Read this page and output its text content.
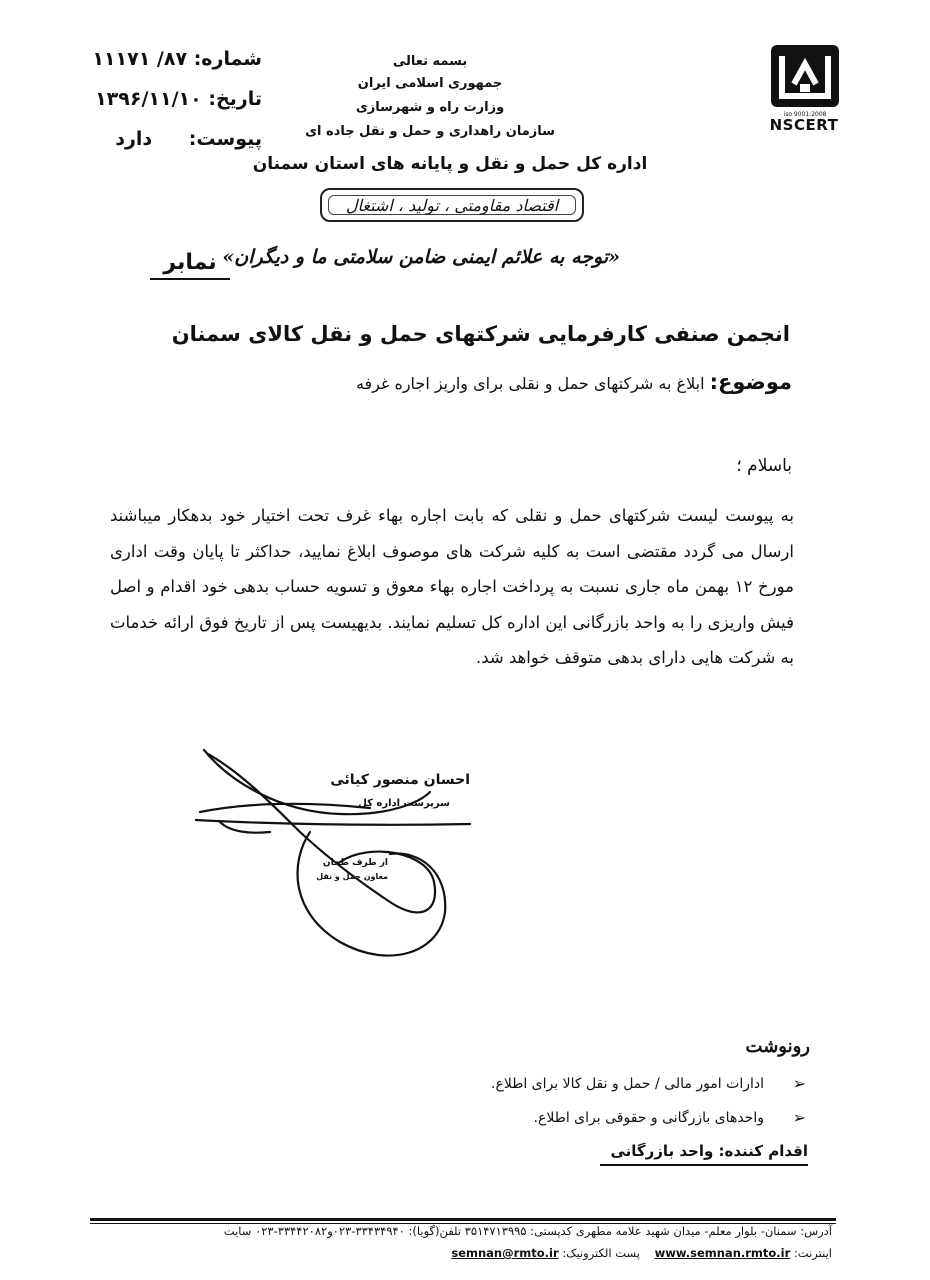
شماره: ۸۷/ ۱۱۱۷۱
تاریخ: ۱۳۹۶/۱۱/۱۰
پیوست: دارد
بسمه تعالی
جمهوری اسلامی ایران
وزارت راه و شهرسازی
سازمان راهداری و حمل و نقل جاده ای
اداره کل حمل و نقل و پایانه های استان سمنان
اقتصاد مقاومتی ، تولید ، اشتغال
«توجه به علائم ایمنی ضامن سلامتی ما و دیگران»
نمابر
iso 9001:2008
NSCERT
انجمن صنفی کارفرمایی شرکتهای حمل و نقل کالای سمنان
موضوع: ابلاغ به شرکتهای حمل و نقلی برای واریز اجاره غرفه
باسلام ؛
به پیوست لیست شرکتهای حمل و نقلی که بابت اجاره بهاء غرف تحت اختیار خود بدهکار میباشند ارسال می گردد مقتضی است به کلیه شرکت های موصوف ابلاغ نمایید، حداکثر تا پایان وقت اداری مورخ ۱۲ بهمن ماه جاری نسبت به پرداخت اجاره بهاء معوق و تسویه حساب بدهی خود اقدام و اصل فیش واریزی را به واحد بازرگانی این اداره کل تسلیم نمایند. بدیهیست پس از تاریخ فوق ارائه خدمات به شرکت هایی دارای بدهی متوقف خواهد شد.
احسان منصور کیائی
سرپرست اداره کل
از طرف طحان
معاون حمل و نقل
رونوشت
➢
ادارات امور مالی / حمل و نقل کالا برای اطلاع.
➢
واحدهای بازرگانی و حقوقی برای اطلاع.
اقدام کننده: واحد بازرگانی
آدرس: سمنان- بلوار معلم- میدان شهید علامه مطهری کدپستی: ۳۵۱۴۷۱۳۹۹۵ تلفن(گویا): ۳۳۴۳۴۹۴۰-۰۲۳و۳۳۴۴۲۰۸۲-۰۲۳ سایت
اینترنت: www.semnan.rmto.ir    پست الکترونیک: semnan@rmto.ir
